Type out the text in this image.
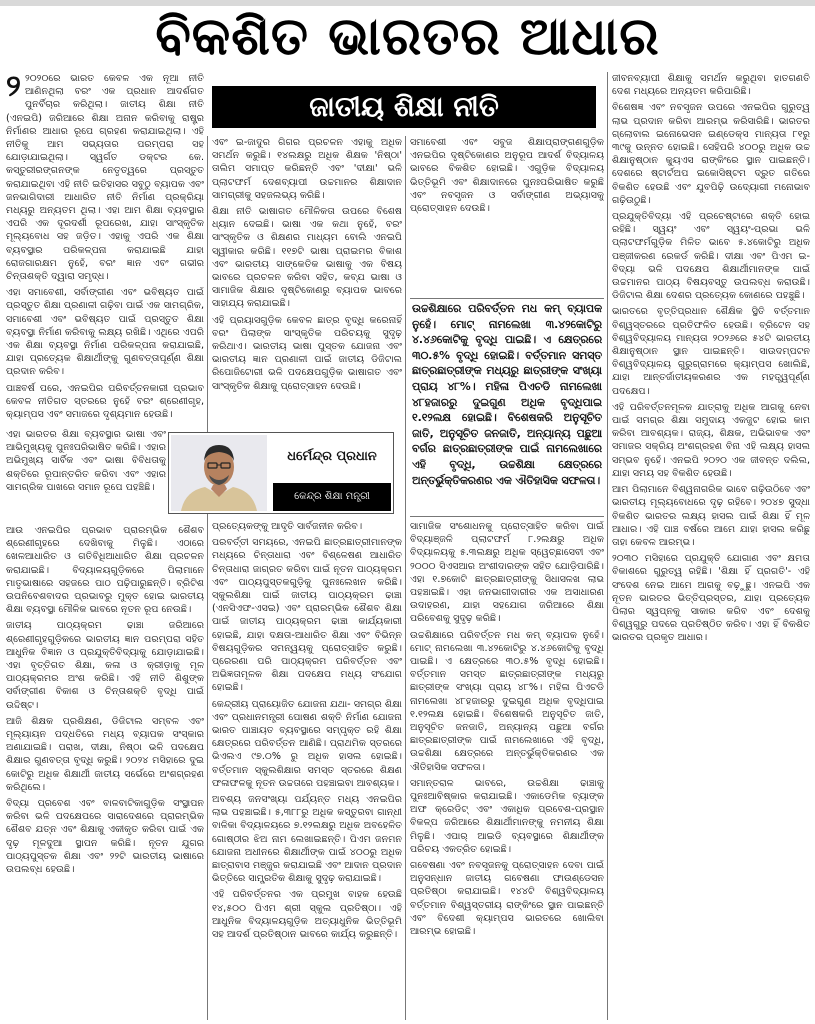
ବିକଶିତ ଭାରତର ଆଧାର
ଜାତୀୟ ଶିକ୍ଷା ନୀତି

୨ ୨୦୨୦ରେ ଭାରତ କେବଳ ଏକ ନୂଆ ନୀତି ଆଣିନଥିଲା ବରଂ ଏକ ପ୍ରଧାନ ଆଦର୍ଶଗତ ପୁନର୍ବିଚାର କରିଥିଲା। ଜାତୀୟ ଶିକ୍ଷା ନୀତି (ଏନଇପି) ଜରିଆରେ ଶିକ୍ଷା ଅନାନ କରିବାକୁ ରାଷ୍ଟ୍ର ନିର୍ମାଣର ଆଧାର ରୂପେ ଗ୍ରହଣ କରାଯାଇଥିଲା। ଏହି ନୀତିକୁ ଆମ ସଭ୍ୟତାର ପରମ୍ପରା ସହ ଯୋଡ଼ାଯାଇଥିଲା। ସ୍ୱର୍ଗତ ଡକ୍ଟର କେ. କସ୍ତୁରୀରଙ୍ଗନଙ୍କ ନେତୃତ୍ୱରେ ପ୍ରସ୍ତୁତ କରାଯାଇଥିବା ଏହି ନୀତି ଇତିହାସର ସବୁଠୁ ବ୍ୟାପକ ଏବଂ ଜନଭାଗିଦାରୀ ଆଧାରିତ ନୀତି ନିର୍ମାଣ ପ୍ରକ୍ରିୟା ମଧ୍ୟରୁ ଅନ୍ୟତମ ଥିଲା। ଏହା ଆମ ଶିକ୍ଷା ବ୍ୟବସ୍ଥାର ଏପରି ଏକ ଦୂରଦର୍ଶୀ ରୂପରେଖ, ଯାହା ସାଂସ୍କୃତିକ ମୂଲ୍ୟବୋଧ ସହ ଜଡ଼ିତ। ଏହାକୁ ଏପରି ଏକ ଶିକ୍ଷା ବ୍ୟବସ୍ଥାର ପରିକଳ୍ପନା କରାଯାଇଛି ଯାହା ରୋଜଗାରକ୍ଷମ ନୁହେଁ, ବରଂ ଜ୍ଞାନ ଏବଂ ଗଭୀର ଚିନ୍ତାଶକ୍ତି ଦ୍ୱାରା ସମୃଦ୍ଧ।

ଏହା ସମାବେଶୀ, ସର୍ବାଙ୍ଗୀଣ ଏବଂ ଭବିଷ୍ୟତ ପାଇଁ ପ୍ରସ୍ତୁତ ଶିକ୍ଷା ପ୍ରଣାଳୀ ଗଢ଼ିବା ପାଇଁ ଏକ ସାମଗ୍ରିକ, ସମାବେଶୀ ଏବଂ ଭବିଷ୍ୟତ ପାଇଁ ପ୍ରସ୍ତୁତ ଶିକ୍ଷା ବ୍ୟବସ୍ଥା ନିର୍ମାଣ କରିବାକୁ ଲକ୍ଷ୍ୟ ରଖିଛି। ଏଥିରେ ଏପରି ଏକ ଶିକ୍ଷା ବ୍ୟବସ୍ଥା ନିର୍ମାଣ ପରିକଳ୍ପନା କରାଯାଇଛି, ଯାହା ପ୍ରତ୍ୟେକ ଶିକ୍ଷାର୍ଥୀଙ୍କୁ ଗୁଣବତ୍ତାପୂର୍ଣ୍ଣ ଶିକ୍ଷା ପ୍ରଦାନ କରିବ।

ପାଞ୍ଚବର୍ଷ ପରେ, ଏନଇପିର ପରିବର୍ତ୍ତନକାରୀ ପ୍ରଭାବ କେବଳ ନୀତିଗତ ସ୍ତରରେ ନୁହେଁ ବରଂ ଶ୍ରେଣୀଗୃହ, କ୍ୟାମ୍ପସ ଏବଂ ସମାଜରେ ଦୃଶ୍ୟମାନ ହେଉଛି।

ଏହା ଭାରତର ଶିକ୍ଷା ବ୍ୟବସ୍ଥାର ଭାଷା ଏବଂ ଆଭିମୁଖ୍ୟକୁ ପୁନଃପରିଭାଷିତ କରିଛି। ଏହାର ଅଭିମୁଖ୍ୟ ସାର୍ବିକ ଏବଂ ଭାଷା ବିବିଧତାକୁ ଶକ୍ତିରେ ରୂପାନ୍ତରିତ କରିବା ଏବଂ ଏହାର ସାମଗ୍ରିକ ପାଖରେ ସମାନ ରୂପେ ପହଞ୍ଚିଛି।

ଆଉ ଏନଇପିର ପ୍ରଭାବ ପ୍ରାରମ୍ଭିକ ଶୈଶବ ଶ୍ରେଣୀଗୃହରେ ଦେଖିବାକୁ ମିଳୁଛି। ଏଠାରେ ଖେଳଆଧାରିତ ଓ ଗତିବିଧିଆଧାରିତ ଶିକ୍ଷା ପ୍ରଚଳନ କରାଯାଇଛି। ବିଦ୍ୟାଳୟଗୁଡ଼ିକରେ ପିଲାମାନେ ମାତୃଭାଷାରେ ସହଜରେ ପାଠ ପଢ଼ିପାରୁଛନ୍ତି। ବ୍ରିଟିଶ ଉପନିବେଶବାଦର ପ୍ରଭାବରୁ ମୁକ୍ତ ହୋଇ ଭାରତୀୟ ଶିକ୍ଷା ବ୍ୟବସ୍ଥା ମୌଳିକ ଭାବରେ ନୂତନ ରୂପ ନେଉଛି।

ଜାତୀୟ ପାଠ୍ୟକ୍ରମ ଢାଞ୍ଚା ଜରିଆରେ ଶ୍ରେଣୀଗୃହଗୁଡ଼ିକରେ ଭାରତୀୟ ଜ୍ଞାନ ପରମ୍ପରା ସହିତ ଆଧୁନିକ ବିଜ୍ଞାନ ଓ ପ୍ରଯୁକ୍ତିବିଦ୍ୟାକୁ ଯୋଡ଼ାଯାଇଛି। ଏହା ବୃତ୍ତିଗତ ଶିକ୍ଷା, କଳା ଓ କ୍ରୀଡ଼ାକୁ ମୂଳ ପାଠ୍ୟକ୍ରମର ଅଂଶ କରିଛି। ଏହି ନୀତି ଶିଶୁଙ୍କ ସର୍ବାଙ୍ଗୀଣ ବିକାଶ ଓ ଚିନ୍ତାଶକ୍ତି ବୃଦ୍ଧି ପାଇଁ ଉଦ୍ଦିଷ୍ଟ।

ଆଜି ଶିକ୍ଷକ ପ୍ରଶିକ୍ଷଣ, ଡିଜିଟାଲ ସମ୍ବଳ ଏବଂ ମୂଲ୍ୟାୟନ ପଦ୍ଧତିରେ ମଧ୍ୟ ବ୍ୟାପକ ସଂସ୍କାର ଅଣାଯାଇଛି। ପରାଖ, ଦୀକ୍ଷା, ନିଷ୍ଠା ଭଳି ପଦକ୍ଷେପ ଶିକ୍ଷାର ଗୁଣବତ୍ତା ବୃଦ୍ଧି କରୁଛି। ୨୦୨୪ ମସିହାରେ ଦୁଇ କୋଟିରୁ ଅଧିକ ଶିକ୍ଷାର୍ଥୀ ଜାତୀୟ ସର୍ଭେରେ ଅଂଶଗ୍ରହଣ କରିଥିଲେ।

ବିଦ୍ୟା ପ୍ରବେଶ ଏବଂ ବାଳବାଟିକାଗୁଡ଼ିକ ସଂସ୍ଥାପନ କରିବା ଭଳି ପଦକ୍ଷେପରେ ସାରାଦେଶରେ ପ୍ରାରମ୍ଭିକ ଶୈଶବ ଯତ୍ନ ଏବଂ ଶିକ୍ଷାକୁ ଏକୀକୃତ କରିବା ପାଇଁ ଏକ ଦୃଢ଼ ମୂଳଦୁଆ ସ୍ଥାପନ କରିଛି। ନୂତନ ଯୁଗର ପାଠ୍ୟପୁସ୍ତକ ଶିକ୍ଷା ଏବଂ ୨୨ଟି ଭାରତୀୟ ଭାଷାରେ ଉପଲବ୍ଧ ହେଉଛି।

ଏବଂ ଇ-ଜାଦୁର ଗିଗର ପ୍ରଚଳନ ଏହାକୁ ଅଧିକ ସମର୍ଥନ କରୁଛି। ୧୪ଲକ୍ଷରୁ ଅଧିକ ଶିକ୍ଷକ 'ନିଷ୍ଠା' ତାଲିମ ସମାପ୍ତ କରିଛନ୍ତି ଏବଂ 'ଦୀକ୍ଷା' ଭଳି ପ୍ଲାଟଫର୍ମ ଦେଶବ୍ୟାପୀ ଉଚ୍ଚମାନର ଶିକ୍ଷାଦାନ ସାମଗ୍ରୀକୁ ସହଜଲଭ୍ୟ କରିଛି।

ଶିକ୍ଷା ନୀତି ଭାଷାଗତ ମୌଳିକତା ଉପରେ ବିଶେଷ ଧ୍ୟାନ ଦେଇଛି। ଭାଷା ଏକ କଥା ନୁହେଁ, ବରଂ ସାଂସ୍କୃତିକ ଓ ଶିକ୍ଷଣର ମାଧ୍ୟମ ବୋଲି ଏନଇପି ସ୍ୱୀକାର କରିଛି। ୧୧୭ଟି ଭାଷା ପ୍ରାଇମର ବିକାଶ ଏବଂ ଭାରତୀୟ ସାଙ୍କେତିକ ଭାଷାକୁ ଏକ ବିଷୟ ଭାବରେ ପ୍ରଚଳନ କରିବା ସହିତ, କବ୍ଯ ଭାଷା ଓ ସାମାଜିକ ଶିକ୍ଷାର ଦୃଷ୍ଟିକୋଣରୁ ବ୍ୟାପକ ଭାବରେ ସାହାଯ୍ୟ କରାଯାଇଛି।

ଏହି ପ୍ରୟାସଗୁଡ଼ିକ କେବଳ ଛାତ୍ର ବୃଦ୍ଧି କରେନାହିଁ ବରଂ ପିଲାଙ୍କ ସାଂସ୍କୃତିକ ପରିଚୟକୁ ସୁଦୃଢ଼ କରିଥାଏ। ଭାରତୀୟ ଭାଷା ପୁସ୍ତକ ଯୋଜନା ଏବଂ ଭାରତୀୟ ଜ୍ଞାନ ପ୍ରଣାଳୀ ପାଇଁ ଜାତୀୟ ଡିଜିଟାଲ ରିପୋଜିଟୋରୀ ଭଳି ପଦକ୍ଷେପଗୁଡ଼ିକ ଭାଷାଗତ ଏବଂ ସାଂସ୍କୃତିକ ଶିକ୍ଷାକୁ ପ୍ରୋତ୍ସାହନ ଦେଉଛି।

ଧର୍ମେନ୍ଦ୍ର ପ୍ରଧାନ
କେନ୍ଦ୍ର ଶିକ୍ଷା ମନ୍ତ୍ରୀ

ପ୍ରତ୍ୟେକଙ୍କୁ ଆଦୃତି ସାର୍ବଜନୀନ କରିବ।

ପରବର୍ତ୍ତୀ ସମୟରେ, ଏନଇପି ଛାତ୍ରଛାତ୍ରୀମାନଙ୍କ ମଧ୍ୟରେ ଚିନ୍ତାଧାରା ଏବଂ ବିଶ୍ଳେଷଣ ଆଧାରିତ ଚିନ୍ତାଧାରା ଜାଗ୍ରତ କରିବା ପାଇଁ ନୂତନ ପାଠ୍ୟକ୍ରମ ଏବଂ ପାଠ୍ୟପୁସ୍ତକଗୁଡ଼ିକୁ ପୁନଃଲେଖନ କରିଛି। ସ୍କୁଲଶିକ୍ଷା ପାଇଁ ଜାତୀୟ ପାଠ୍ୟକ୍ରମ ଢାଞ୍ଚା (ଏନସିଏଫ-ଏସଇ) ଏବଂ ପ୍ରାରମ୍ଭିକ ଶୈଶବ ଶିକ୍ଷା ପାଇଁ ଜାତୀୟ ପାଠ୍ୟକ୍ରମ ଢାଞ୍ଚା କାର୍ଯ୍ୟକାରୀ ହୋଇଛି, ଯାହା ଦକ୍ଷତା-ଆଧାରିତ ଶିକ୍ଷା ଏବଂ ବିଭିନ୍ନ ବିଷୟଗୁଡ଼ିକର ସମନ୍ୱୟକୁ ପ୍ରୋତ୍ସାହିତ କରୁଛି। ପ୍ରେରଣା ପରି ପାଠ୍ୟକ୍ରମ ପରିବର୍ତ୍ତନ ଏବଂ ଅଭିଜ୍ଞତାମୂଳକ ଶିକ୍ଷା ପଦକ୍ଷେପ ମଧ୍ୟ ସଂଯୋଗ ହୋଇଛି।

କେନ୍ଦ୍ରୀୟ ପ୍ରାୟୋଜିତ ଯୋଜନା ଯଥା- ସମଗ୍ର ଶିକ୍ଷା ଏବଂ ପ୍ରଧାନମନ୍ତ୍ରୀ ପୋଷଣ ଶକ୍ତି ନିର୍ମାଣ ଯୋଜନା ଭାରତ ପାଞ୍ଚାୟତ ବ୍ୟବସ୍ଥାରେ ସମ୍ପୃକ୍ତ ରହି ଶିକ୍ଷା କ୍ଷେତ୍ରରେ ପରିବର୍ତ୍ତନ ଆଣିଛି। ପ୍ରାଥମିକ ସ୍ତରରେ ଭିଏଲଏ ୯୭.୦% ରୁ ଅଧିକ ହାସଲ ହୋଇଛି। ବର୍ତ୍ତମାନ ସ୍କୁଲଶିକ୍ଷାର ସମସ୍ତ ସ୍ତରରେ ଶିକ୍ଷଣ ଫଳାଫଳକୁ ନୂତନ ଉଚ୍ଚତାରେ ପହଞ୍ଚାଇବା ଆବଶ୍ୟକ।

ଅବଶ୍ୟ ଜନସଂଖ୍ୟା ପର୍ଯ୍ୟନ୍ତ ମଧ୍ୟ ଏନଇପିର ଲାଭ ପହଞ୍ଚାଇଛି। ୫,୩୮୮ରୁ ଅଧିକ କସ୍ତୁରବା ଗାନ୍ଧୀ ବାଳିକା ବିଦ୍ୟାଳୟରେ ୭.୧୨ଲକ୍ଷରୁ ଅଧିକ ଅବହେଳିତ ଗୋଷ୍ଠୀର ଝିଅ ନାମ ଲେଖାଇଛନ୍ତି। ପିଏମ ଜନମନ ଯୋଜନା ଅଧୀନରେ ଶିକ୍ଷାର୍ଥୀଙ୍କ ପାଇଁ ୪୦୦ରୁ ଅଧିକ ଛାତ୍ରାବାସ ମଞ୍ଜୁର କରାଯାଇଛି ଏବଂ ଆଦାନ ପ୍ରଦାନ ଭିତ୍ତିରେ ସାମ୍ପ୍ରତିକ ଶିକ୍ଷାକୁ ସୁଦୃଢ଼ କରାଯାଇଛି।

ଏହି ପରିବର୍ତ୍ତନର ଏକ ପ୍ରମୁଖ ବାହକ ହେଉଛି ୧୪,୫୦୦ ପିଏମ ଶ୍ରୀ ସ୍କୁଲ ପ୍ରତିଷ୍ଠା। ଏହି ଆଧୁନିକ ବିଦ୍ୟାଳୟଗୁଡ଼ିକ ଅତ୍ୟାଧୁନିକ ଭିତ୍ତିଭୂମି ସହ ଆଦର୍ଶ ପ୍ରତିଷ୍ଠାନ ଭାବରେ କାର୍ଯ୍ୟ କରୁଛନ୍ତି।

ସମାବେଶୀ ଏବଂ ସବୁଜ ଶିକ୍ଷାପ୍ରାଙ୍ଗଣଗୁଡ଼ିକ ଏନଇପିର ଦୃଷ୍ଟିକୋଣର ଅନୁରୂପ ଆଦର୍ଶ ବିଦ୍ୟାଳୟ ଭାବରେ ବିକଶିତ ହୋଇଛି। ଏଗୁଡ଼ିକ ବିଦ୍ୟାଳୟ ଭିତ୍ତିଭୂମି ଏବଂ ଶିକ୍ଷାଦାନରେ ପୁନଃପରିଭାଷିତ କରୁଛି ଏବଂ ନବସୃଜନ ଓ ସର୍ବାଙ୍ଗୀଣ ଅଭ୍ୟାସକୁ ପ୍ରୋତ୍ସାହନ ଦେଉଛି।

ଉଚ୍ଚଶିକ୍ଷାରେ ପରିବର୍ତ୍ତନ ମଧ କମ୍ ବ୍ୟାପକ ନୁହେଁ। ମୋଟ୍ ନାମଲେଖା ୩.୪୨କୋଟିରୁ ୪.୪୬କୋଟିକୁ ବୃଦ୍ଧି ପାଇଛି। ଏ କ୍ଷେତ୍ରରେ ୩୦.୫% ବୃଦ୍ଧି ହୋଇଛି। ବର୍ତ୍ତମାନ ସମସ୍ତ ଛାତ୍ରଛାତ୍ରୀଙ୍କ ମଧ୍ୟରୁ ଛାତ୍ରୀଙ୍କ ସଂଖ୍ୟା ପ୍ରାୟ ୪୮%। ମହିଳା ପିଏଚଡି ନାମଲେଖା ୪୮ହଜାରରୁ ଦୁଇଗୁଣ ଅଧିକ ବୃଦ୍ଧିପାଇ ୧.୧୨ଲକ୍ଷ ହୋଇଛି। ବିଶେଷକରି ଅନୁସୂଚିତ ଜାତି, ଅନୁସୂଚିତ ଜନଜାତି, ଅନ୍ୟାନ୍ୟ ପଛୁଆ ବର୍ଗର ଛାତ୍ରଛାତ୍ରୀଙ୍କ ପାଇଁ ନାମଲେଖାରେ ଏହି ବୃଦ୍ଧି, ଉଚ୍ଚଶିକ୍ଷା କ୍ଷେତ୍ରରେ ଅନ୍ତର୍ଭୁକ୍ତିକରଣର ଏକ ଐତିହାସିକ ସଫଳତା।

ସାମାଜିକ ସଂଶୋଧନକୁ ପ୍ରୋତ୍ସାହିତ କରିବା ପାଇଁ ବିଦ୍ୟାଞ୍ଜଳି ପ୍ଲାଟଫର୍ମ ୮.୨ଲକ୍ଷରୁ ଅଧିକ ବିଦ୍ୟାଳୟକୁ ୫.୩ଲକ୍ଷରୁ ଅଧିକ ସ୍ୱେଚ୍ଛାସେବୀ ଏବଂ ୨୦୦୦ ସିଏସଆର ଅଂଶୀଦାରଙ୍କ ସହିତ ଯୋଡ଼ିପାରିଛି। ଏହା ୧.୭କୋଟି ଛାତ୍ରଛାତ୍ରୀଙ୍କୁ ସିଧାସଳଖ ଲାଭ ପହଞ୍ଚାଇଛି। ଏହା ଜନଭାଗୀଦାରୀର ଏକ ଅସାଧାରଣ ଉଦାହରଣ, ଯାହା ସହଯୋଗ ଜରିଆରେ ଶିକ୍ଷା ପରିବେଶକୁ ସୁଦୃଢ଼ କରିଛି।

ଉଚ୍ଚଶିକ୍ଷାରେ ପରିବର୍ତ୍ତନ ମଧ କମ୍ ବ୍ୟାପକ ନୁହେଁ। ମୋଟ୍ ନାମଲେଖା ୩.୪୨କୋଟିରୁ ୪.୪୬କୋଟିକୁ ବୃଦ୍ଧି ପାଇଛି। ଏ କ୍ଷେତ୍ରରେ ୩୦.୫% ବୃଦ୍ଧି ହୋଇଛି। ବର୍ତ୍ତମାନ ସମସ୍ତ ଛାତ୍ରଛାତ୍ରୀଙ୍କ ମଧ୍ୟରୁ ଛାତ୍ରୀଙ୍କ ସଂଖ୍ୟା ପ୍ରାୟ ୪୮%। ମହିଳା ପିଏଚଡି ନାମଲେଖା ୪୮ହଜାରରୁ ଦୁଇଗୁଣ ଅଧିକ ବୃଦ୍ଧିପାଇ ୧.୧୨ଲକ୍ଷ ହୋଇଛି। ବିଶେଷକରି ଅନୁସୂଚିତ ଜାତି, ଅନୁସୂଚିତ ଜନଜାତି, ଅନ୍ୟାନ୍ୟ ପଛୁଆ ବର୍ଗର ଛାତ୍ରଛାତ୍ରୀଙ୍କ ପାଇଁ ନାମଲେଖାରେ ଏହି ବୃଦ୍ଧି, ଉଚ୍ଚଶିକ୍ଷା କ୍ଷେତ୍ରରେ ଅନ୍ତର୍ଭୁକ୍ତିକରଣର ଏକ ଐତିହାସିକ ସଫଳତା।

ସମାନ୍ତରାଳ ଭାବରେ, ଉଚ୍ଚଶିକ୍ଷା ଢାଞ୍ଚାକୁ ପୁନଃଆବିଷ୍କାର କରାଯାଇଛି। ଏକାଡେମିକ ବ୍ୟାଙ୍କ ଅଫ କ୍ରେଡିଟ୍ ଏବଂ ଏକାଧିକ ପ୍ରବେଶ-ପ୍ରସ୍ଥାନ ବିକଳ୍ପ ଜରିଆରେ ଶିକ୍ଷାର୍ଥୀମାନଙ୍କୁ ନମନୀୟ ଶିକ୍ଷା ମିଳୁଛି। ଏପାର୍ ଆଇଡି ବ୍ୟବସ୍ଥାରେ ଶିକ୍ଷାର୍ଥୀଙ୍କ ପରିଚୟ ଏକତ୍ରିତ ହୋଇଛି।

ଗବେଷଣା ଏବଂ ନବସୃଜନକୁ ପ୍ରୋତ୍ସାହନ ଦେବା ପାଇଁ ଅନୁସନ୍ଧାନ ଜାତୀୟ ଗବେଷଣା ଫାଉଣ୍ଡେସନ ପ୍ରତିଷ୍ଠା କରାଯାଇଛି। ୧୪୪ଟି ବିଶ୍ୱବିଦ୍ୟାଳୟ ବର୍ତ୍ତମାନ ବିଶ୍ୱସ୍ତରୀୟ ରାଙ୍କିଂରେ ସ୍ଥାନ ପାଇଛନ୍ତି ଏବଂ ବିଦେଶୀ କ୍ୟାମ୍ପସ ଭାରତରେ ଖୋଲିବା ଆରମ୍ଭ ହୋଇଛି।

ଜୀବନବ୍ୟାପୀ ଶିକ୍ଷାକୁ ସମର୍ଥନ କରୁଥିବା ହାତଗଣତି ଦେଶ ମଧ୍ୟରେ ଅନ୍ୟତମ କରିପାରିଛି।

ବିଶେଷଜ୍ଞ ଏବଂ ନବସୃଜନ ଉପରେ ଏନଇପିର ଗୁରୁତ୍ୱ ଲାଭ ପ୍ରଦାନ କରିବା ଆରମ୍ଭ କରିସାରିଛି। ଭାରତର ଗ୍ଲୋବାଲ ଇନୋଭେସନ ଇଣ୍ଡେକ୍ସ ମାନ୍ୟତା ୮୧ରୁ ୩୯କୁ ଉନ୍ନତ ହୋଇଛି। ସେହିପରି ୪୦୦ରୁ ଅଧିକ ଉଚ୍ଚ ଶିକ୍ଷାନୁଷ୍ଠାନ କ୍ୟୁଏସ ରାଙ୍କିଂରେ ସ୍ଥାନ ପାଇଛନ୍ତି। ଦେଶରେ ଷ୍ଟାର୍ଟଅପ ଇକୋସିଷ୍ଟମ ଦ୍ରୁତ ଗତିରେ ବିକଶିତ ହେଉଛି ଏବଂ ଯୁବପିଢ଼ି ଉଦ୍ୟୋଗୀ ମନୋଭାବ ଗଢ଼ିଉଠୁଛି।

ପ୍ରଯୁକ୍ତିବିଦ୍ୟା ଏହି ପ୍ରଚେଷ୍ଟାରେ ଶକ୍ତି ହୋଇ ରହିଛି। ସ୍ୱୟଂ ଏବଂ ସ୍ୱୟଂ-ପ୍ରଭା ଭଳି ପ୍ଲାଟଫର୍ମଗୁଡ଼ିକ ମିଳିତ ଭାବେ ୫.୪କୋଟିରୁ ଅଧିକ ପଞ୍ଜୀକରଣ ରେକର୍ଡ କରିଛି। ଦୀକ୍ଷା ଏବଂ ପିଏମ ଇ-ବିଦ୍ୟା ଭଳି ପଦକ୍ଷେପ ଶିକ୍ଷାର୍ଥୀମାନଙ୍କ ପାଇଁ ଉଚ୍ଚମାନର ପାଠ୍ୟ ବିଷୟବସ୍ତୁ ଉପଲବ୍ଧ କରାଉଛି। ଡିଜିଟାଲ ଶିକ୍ଷା ଦେଶର ପ୍ରତ୍ୟେକ କୋଣରେ ପହଞ୍ଚୁଛି।

ଭାରତରେ ବୃତ୍ତିପ୍ରଧାନ ଶୈକ୍ଷିକ ସ୍ଥିତି ବର୍ତ୍ତମାନ ବିଶ୍ୱସ୍ତରରେ ପ୍ରତିଫଳିତ ହେଉଛି। ବ୍ରିଟେନ ସହ ବିଶ୍ୱବିଦ୍ୟାଳୟ ମାନ୍ୟତା ୨୦୨୬ରେ ୫୪ଟି ଭାରତୀୟ ଶିକ୍ଷାନୁଷ୍ଠାନ ସ୍ଥାନ ପାଇଛନ୍ତି। ସାଉଦମ୍ପଟନ ବିଶ୍ୱବିଦ୍ୟାଳୟ ଗୁରୁଗ୍ରାମରେ କ୍ୟାମ୍ପସ ଖୋଲିଛି, ଯାହା ଆନ୍ତର୍ଜାତୀୟକରଣର ଏକ ମହତ୍ତ୍ୱପୂର୍ଣ୍ଣ ପଦକ୍ଷେପ।

ଏହି ପରିବର୍ତ୍ତନମୂଳକ ଯାତ୍ରାକୁ ଅଧିକ ଆଗକୁ ନେବା ପାଇଁ ସମଗ୍ର ଶିକ୍ଷା ସମୁଦାୟ ଏକଜୁଟ ହୋଇ କାମ କରିବା ଆବଶ୍ୟକ। ରାଜ୍ୟ, ଶିକ୍ଷକ, ଅଭିଭାବକ ଏବଂ ସମାଜର ସକ୍ରିୟ ଅଂଶଗ୍ରହଣ ବିନା ଏହି ଲକ୍ଷ୍ୟ ହାସଲ ସମ୍ଭବ ନୁହେଁ। ଏନଇପି ୨୦୨୦ ଏକ ଜୀବନ୍ତ ଦଲିଲ, ଯାହା ସମୟ ସହ ବିକଶିତ ହେଉଛି।

ଆମ ପିଲାମାନେ ବିଶ୍ୱନାଗରିକ ଭାବେ ଗଢ଼ିଉଠିବେ ଏବଂ ଭାରତୀୟ ମୂଲ୍ୟବୋଧରେ ଦୃଢ଼ ରହିବେ। ୨୦୪୭ ସୁଦ୍ଧା ବିକଶିତ ଭାରତର ଲକ୍ଷ୍ୟ ହାସଲ ପାଇଁ ଶିକ୍ଷା ହିଁ ମୂଳ ଆଧାର। ଏହି ପାଞ୍ଚ ବର୍ଷରେ ଆମେ ଯାହା ହାସଲ କରିଛୁ ତାହା କେବଳ ଆରମ୍ଭ।

୨୦୩୦ ମସିହାରେ ପ୍ରଯୁକ୍ତି ଯୋଗାଣ ଏବଂ କ୍ଷମତା ବିକାଶରେ ଗୁରୁତ୍ୱ ରହିଛି। 'ଶିକ୍ଷା ହିଁ ପ୍ରଗତି'- ଏହି ସଂଦେଶ ନେଇ ଆମେ ଆଗକୁ ବଢ଼ୁଛୁ। ଏନଇପି ଏକ ନୂତନ ଭାରତର ଭିତ୍ତିପ୍ରସ୍ତର, ଯାହା ପ୍ରତ୍ୟେକ ପିଲାର ସ୍ୱପ୍ନକୁ ସାକାର କରିବ ଏବଂ ଦେଶକୁ ବିଶ୍ୱଗୁରୁ ପଦରେ ପ୍ରତିଷ୍ଠିତ କରିବ। ଏହା ହିଁ ବିକଶିତ ଭାରତର ପ୍ରକୃତ ଆଧାର।
